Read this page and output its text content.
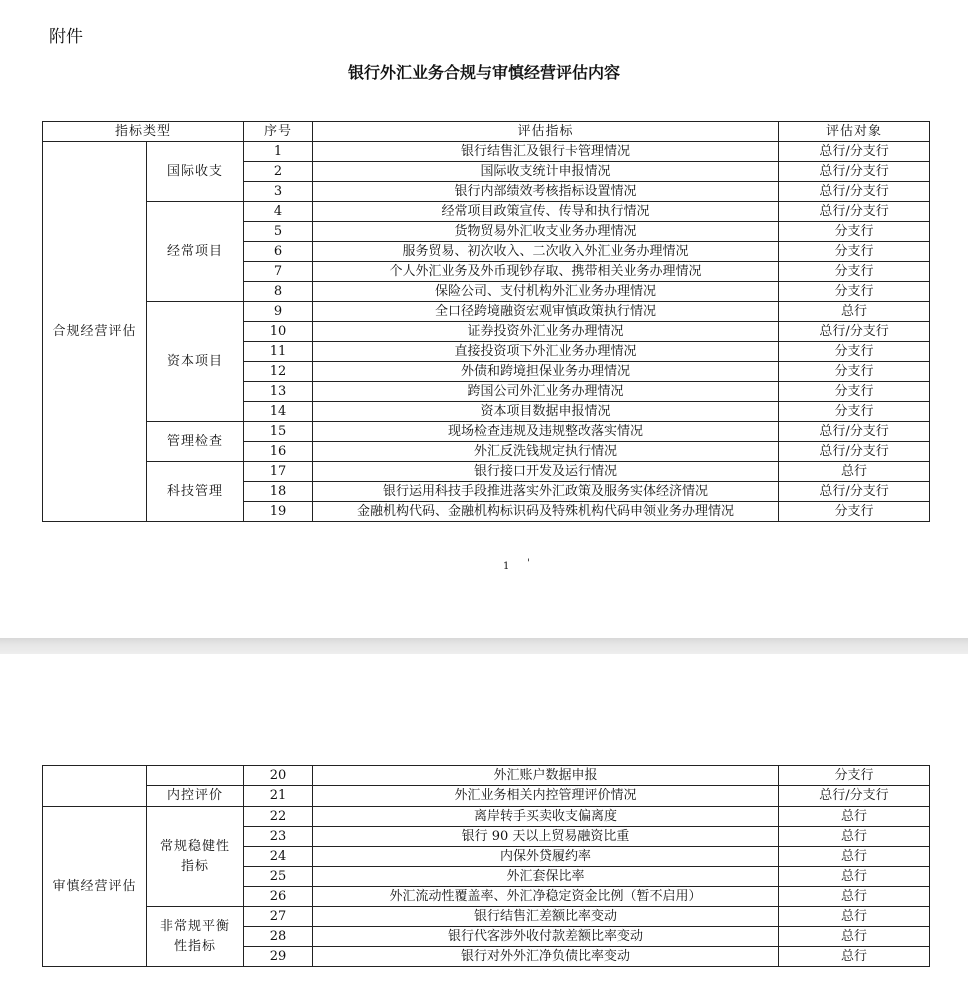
附件
银行外汇业务合规与审慎经营评估内容
指标类型		序号	评估指标	评估对象
合规经营评估	国际收支	1	银行结售汇及银行卡管理情况	总行/分支行
		2	国际收支统计申报情况	总行/分支行
		3	银行内部绩效考核指标设置情况	总行/分支行
	经常项目	4	经常项目政策宣传、传导和执行情况	总行/分支行
		5	货物贸易外汇收支业务办理情况	分支行
		6	服务贸易、初次收入、二次收入外汇业务办理情况	分支行
		7	个人外汇业务及外币现钞存取、携带相关业务办理情况	分支行
		8	保险公司、支付机构外汇业务办理情况	分支行
	资本项目	9	全口径跨境融资宏观审慎政策执行情况	总行
		10	证券投资外汇业务办理情况	总行/分支行
		11	直接投资项下外汇业务办理情况	分支行
		12	外债和跨境担保业务办理情况	分支行
		13	跨国公司外汇业务办理情况	分支行
		14	资本项目数据申报情况	分支行
	管理检查	15	现场检查违规及违规整改落实情况	总行/分支行
		16	外汇反洗钱规定执行情况	总行/分支行
	科技管理	17	银行接口开发及运行情况	总行
		18	银行运用科技手段推进落实外汇政策及服务实体经济情况	总行/分支行
		19	金融机构代码、金融机构标识码及特殊机构代码申领业务办理情况	分支行
1 '
		20	外汇账户数据申报	分支行
	内控评价	21	外汇业务相关内控管理评价情况	总行/分支行
审慎经营评估	常规稳健性指标	22	离岸转手买卖收支偏离度	总行
		23	银行 90 天以上贸易融资比重	总行
		24	内保外贷履约率	总行
		25	外汇套保比率	总行
		26	外汇流动性覆盖率、外汇净稳定资金比例（暂不启用）	总行
	非常规平衡性指标	27	银行结售汇差额比率变动	总行
		28	银行代客涉外收付款差额比率变动	总行
		29	银行对外外汇净负债比率变动	总行
